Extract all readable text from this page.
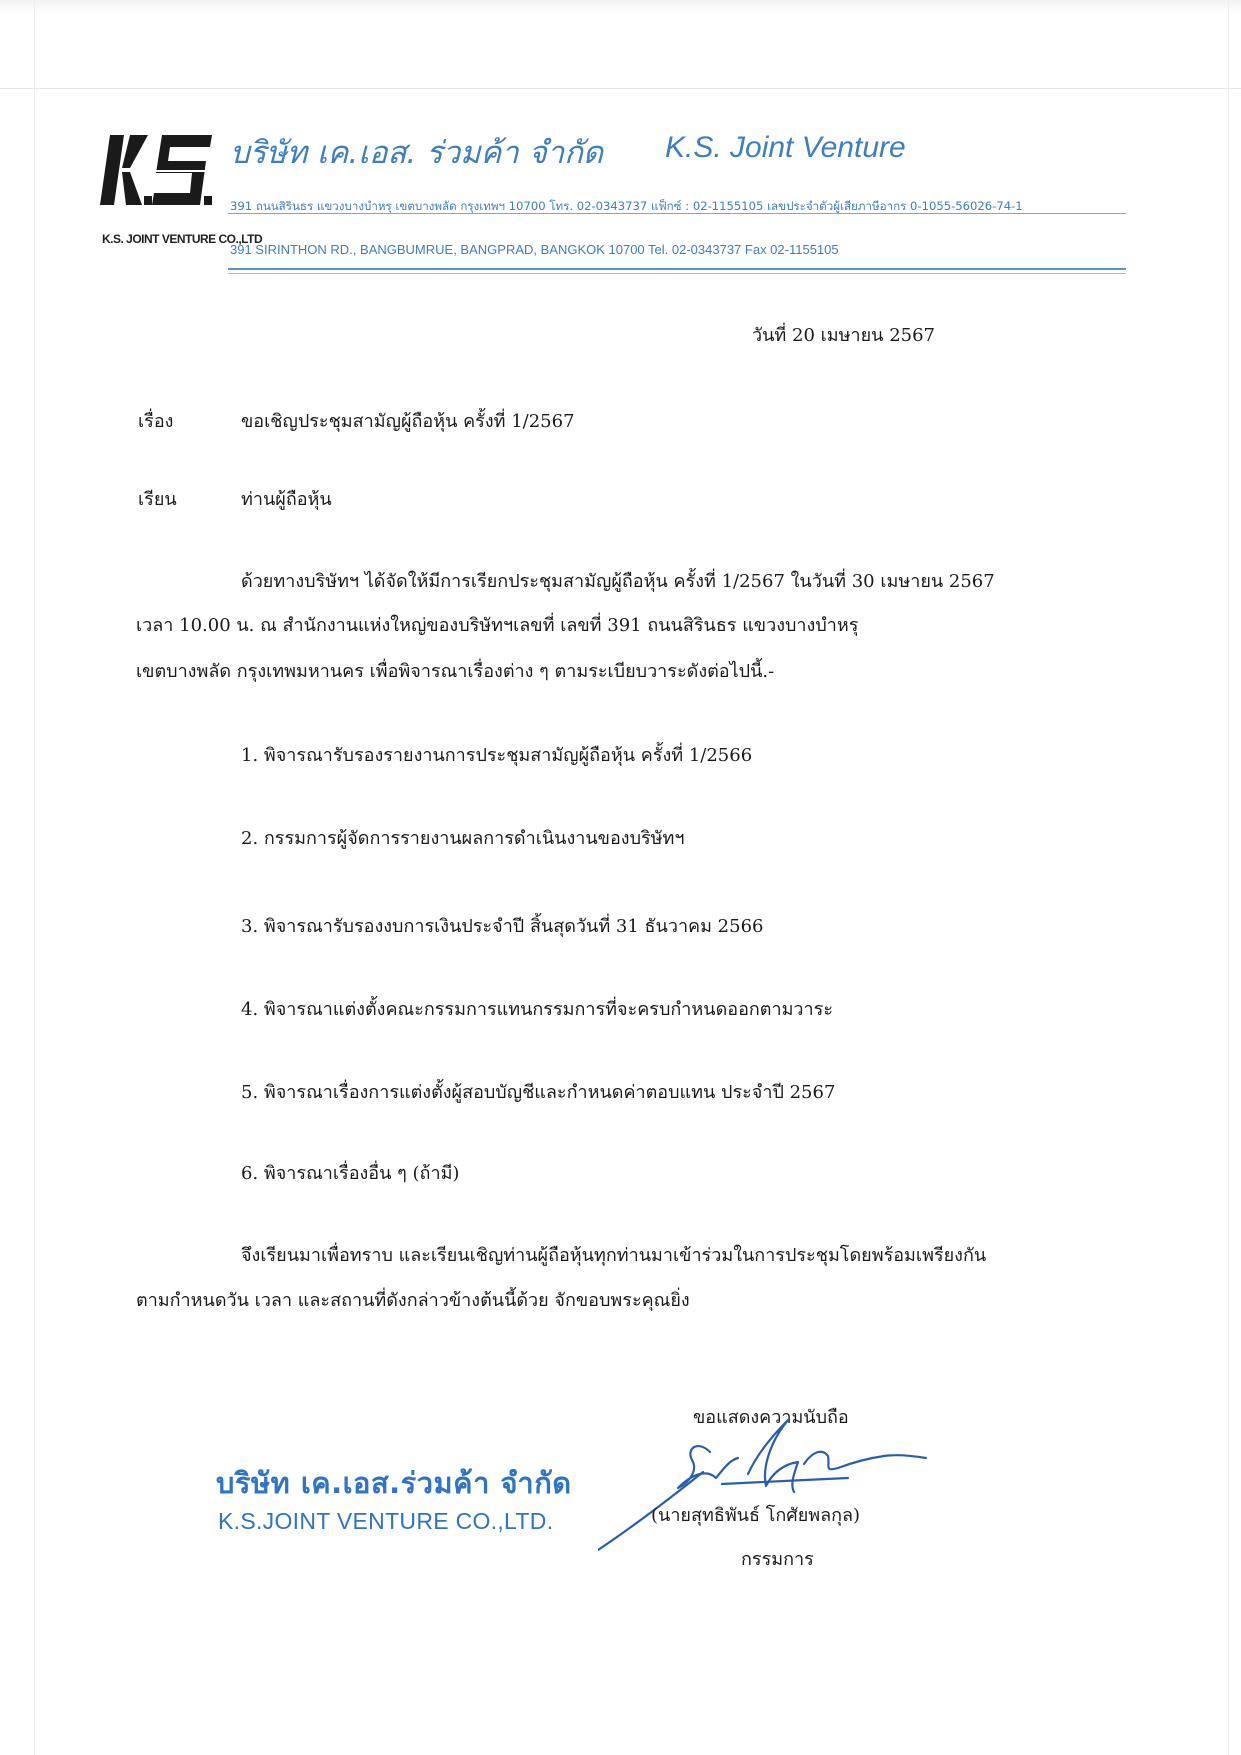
K.S. JOINT VENTURE CO.,LTD
บริษัท เค.เอส. ร่วมค้า จำกัด K.S. Joint Venture
391 ถนนสิรินธร แขวงบางบำหรุ เขตบางพลัด กรุงเทพฯ 10700 โทร. 02-0343737 แฟ็กซ์ : 02-1155105 เลขประจำตัวผู้เสียภาษีอากร 0-1055-56026-74-1
391 SIRINTHON RD., BANGBUMRUE, BANGPRAD, BANGKOK 10700 Tel. 02-0343737 Fax 02-1155105
วันที่ 20 เมษายน 2567
เรื่อง	ขอเชิญประชุมสามัญผู้ถือหุ้น ครั้งที่ 1/2567
เรียน	ท่านผู้ถือหุ้น
ด้วยทางบริษัทฯ ได้จัดให้มีการเรียกประชุมสามัญผู้ถือหุ้น ครั้งที่ 1/2567 ในวันที่ 30 เมษายน 2567
เวลา 10.00 น. ณ สำนักงานแห่งใหญ่ของบริษัทฯเลขที่ เลขที่ 391 ถนนสิรินธร แขวงบางบำหรุ
เขตบางพลัด กรุงเทพมหานคร เพื่อพิจารณาเรื่องต่าง ๆ ตามระเบียบวาระดังต่อไปนี้.-
1. พิจารณารับรองรายงานการประชุมสามัญผู้ถือหุ้น ครั้งที่ 1/2566
2. กรรมการผู้จัดการรายงานผลการดำเนินงานของบริษัทฯ
3. พิจารณารับรองงบการเงินประจำปี สิ้นสุดวันที่ 31 ธันวาคม 2566
4. พิจารณาแต่งตั้งคณะกรรมการแทนกรรมการที่จะครบกำหนดออกตามวาระ
5. พิจารณาเรื่องการแต่งตั้งผู้สอบบัญชีและกำหนดค่าตอบแทน ประจำปี 2567
6. พิจารณาเรื่องอื่น ๆ (ถ้ามี)
จึงเรียนมาเพื่อทราบ และเรียนเชิญท่านผู้ถือหุ้นทุกท่านมาเข้าร่วมในการประชุมโดยพร้อมเพรียงกัน
ตามกำหนดวัน เวลา และสถานที่ดังกล่าวข้างต้นนี้ด้วย จักขอบพระคุณยิ่ง
ขอแสดงความนับถือ
บริษัท เค.เอส.ร่วมค้า จำกัด
K.S.JOINT VENTURE CO.,LTD.	(นายสุทธิพันธ์ โกศัยพลกุล)
กรรมการ
